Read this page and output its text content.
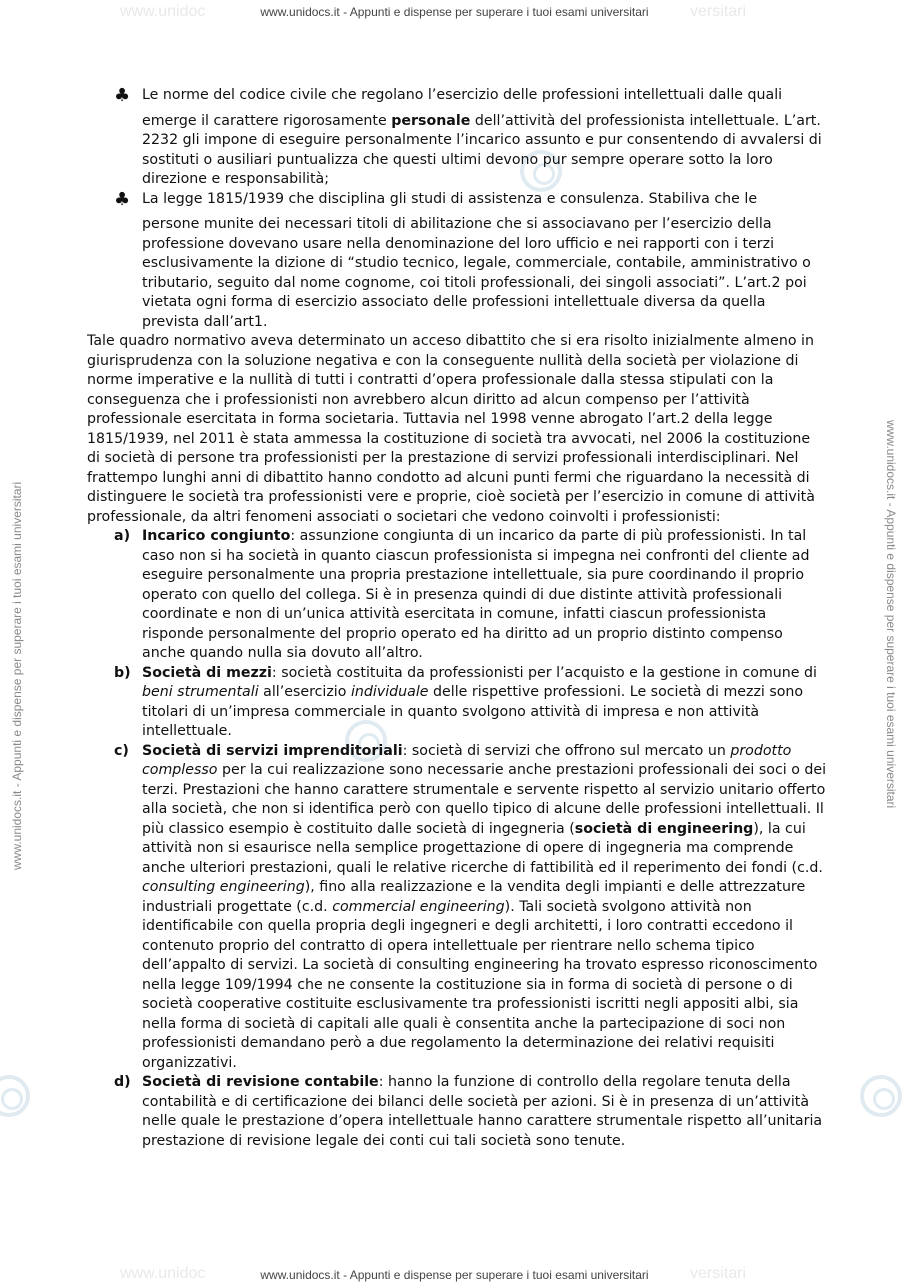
www.unidoc	versitari
www.unidocs.it - Appunti e dispense per superare i tuoi esami universitari
www.unidocs.it - Appunti e dispense per superare i tuoi esami universitari	www.unidocs.it - Appunti e dispense per superare i tuoi esami universitari
♣ Le norme del codice civile che regolano l’esercizio delle professioni intellettuali dalle quali

emerge il carattere rigorosamente personale dell’attività del professionista intellettuale. L’art. 2232 gli impone di eseguire personalmente l’incarico assunto e pur consentendo di avvalersi di sostituti o ausiliari puntualizza che questi ultimi devono pur sempre operare sotto la loro direzione e responsabilità;

♣ La legge 1815/1939 che disciplina gli studi di assistenza e consulenza. Stabiliva che le

persone munite dei necessari titoli di abilitazione che si associavano per l’esercizio della professione dovevano usare nella denominazione del loro ufficio e nei rapporti con i terzi esclusivamente la dizione di “studio tecnico, legale, commerciale, contabile, amministrativo o tributario, seguito dal nome cognome, coi titoli professionali, dei singoli associati”. L’art.2 poi vietata ogni forma di esercizio associato delle professioni intellettuale diversa da quella prevista dall’art1.

Tale quadro normativo aveva determinato un acceso dibattito che si era risolto inizialmente almeno in giurisprudenza con la soluzione negativa e con la conseguente nullità della società per violazione di norme imperative e la nullità di tutti i contratti d’opera professionale dalla stessa stipulati con la conseguenza che i professionisti non avrebbero alcun diritto ad alcun compenso per l’attività professionale esercitata in forma societaria. Tuttavia nel 1998 venne abrogato l’art.2 della legge 1815/1939, nel 2011 è stata ammessa la costituzione di società tra avvocati, nel 2006 la costituzione di società di persone tra professionisti per la prestazione di servizi professionali interdisciplinari. Nel frattempo lunghi anni di dibattito hanno condotto ad alcuni punti fermi che riguardano la necessità di distinguere le società tra professionisti vere e proprie, cioè società per l’esercizio in comune di attività professionale, da altri fenomeni associati o societari che vedono coinvolti i professionisti:

a) Incarico congiunto: assunzione congiunta di un incarico da parte di più professionisti. In tal caso non si ha società in quanto ciascun professionista si impegna nei confronti del cliente ad eseguire personalmente una propria prestazione intellettuale, sia pure coordinando il proprio operato con quello del collega. Si è in presenza quindi di due distinte attività professionali coordinate e non di un’unica attività esercitata in comune, infatti ciascun professionista risponde personalmente del proprio operato ed ha diritto ad un proprio distinto compenso anche quando nulla sia dovuto all’altro.

b) Società di mezzi: società costituita da professionisti per l’acquisto e la gestione in comune di beni strumentali all’esercizio individuale delle rispettive professioni. Le società di mezzi sono titolari di un’impresa commerciale in quanto svolgono attività di impresa e non attività intellettuale.

c) Società di servizi imprenditoriali: società di servizi che offrono sul mercato un prodotto complesso per la cui realizzazione sono necessarie anche prestazioni professionali dei soci o dei terzi. Prestazioni che hanno carattere strumentale e servente rispetto al servizio unitario offerto alla società, che non si identifica però con quello tipico di alcune delle professioni intellettuali. Il più classico esempio è costituito dalle società di ingegneria (società di engineering), la cui attività non si esaurisce nella semplice progettazione di opere di ingegneria ma comprende anche ulteriori prestazioni, quali le relative ricerche di fattibilità ed il reperimento dei fondi (c.d. consulting engineering), fino alla realizzazione e la vendita degli impianti e delle attrezzature industriali progettate (c.d. commercial engineering). Tali società svolgono attività non identificabile con quella propria degli ingegneri e degli architetti, i loro contratti eccedono il contenuto proprio del contratto di opera intellettuale per rientrare nello schema tipico dell’appalto di servizi. La società di consulting engineering ha trovato espresso riconoscimento nella legge 109/1994 che ne consente la costituzione sia in forma di società di persone o di società cooperative costituite esclusivamente tra professionisti iscritti negli appositi albi, sia nella forma di società di capitali alle quali è consentita anche la partecipazione di soci non professionisti demandano però a due regolamento la determinazione dei relativi requisiti organizzativi.

d) Società di revisione contabile: hanno la funzione di controllo della regolare tenuta della contabilità e di certificazione dei bilanci delle società per azioni. Si è in presenza di un’attività nelle quale le prestazione d’opera intellettuale hanno carattere strumentale rispetto all’unitaria prestazione di revisione legale dei conti cui tali società sono tenute.

www.unidoc	versitari
www.unidocs.it - Appunti e dispense per superare i tuoi esami universitari
